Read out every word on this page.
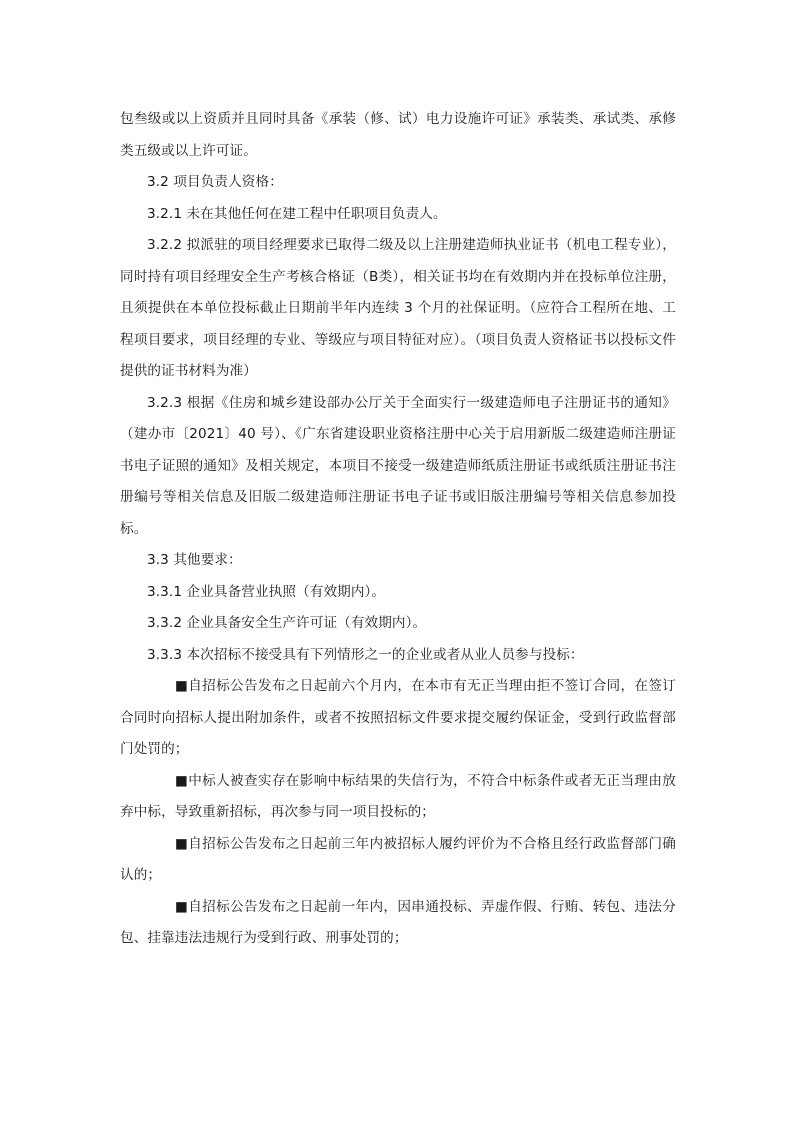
包叁级或以上资质并且同时具备《承装（修、试）电力设施许可证》承装类、承试类、承修类五级或以上许可证。

3.2 项目负责人资格：

3.2.1 未在其他任何在建工程中任职项目负责人。

3.2.2 拟派驻的项目经理要求已取得二级及以上注册建造师执业证书（机电工程专业），同时持有项目经理安全生产考核合格证（B类），相关证书均在有效期内并在投标单位注册，且须提供在本单位投标截止日期前半年内连续 3 个月的社保证明。（应符合工程所在地、工程项目要求，项目经理的专业、等级应与项目特征对应）。（项目负责人资格证书以投标文件提供的证书材料为准）

3.2.3 根据《住房和城乡建设部办公厅关于全面实行一级建造师电子注册证书的通知》（建办市〔2021〕40 号）、《广东省建设职业资格注册中心关于启用新版二级建造师注册证书电子证照的通知》及相关规定，本项目不接受一级建造师纸质注册证书或纸质注册证书注册编号等相关信息及旧版二级建造师注册证书电子证书或旧版注册编号等相关信息参加投标。

3.3 其他要求：

3.3.1 企业具备营业执照（有效期内）。

3.3.2 企业具备安全生产许可证（有效期内）。

3.3.3 本次招标不接受具有下列情形之一的企业或者从业人员参与投标：

■自招标公告发布之日起前六个月内，在本市有无正当理由拒不签订合同，在签订合同时向招标人提出附加条件，或者不按照招标文件要求提交履约保证金，受到行政监督部门处罚的；

■中标人被查实存在影响中标结果的失信行为，不符合中标条件或者无正当理由放弃中标，导致重新招标，再次参与同一项目投标的；

■自招标公告发布之日起前三年内被招标人履约评价为不合格且经行政监督部门确认的；

■自招标公告发布之日起前一年内，因串通投标、弄虚作假、行贿、转包、违法分包、挂靠违法违规行为受到行政、刑事处罚的；
